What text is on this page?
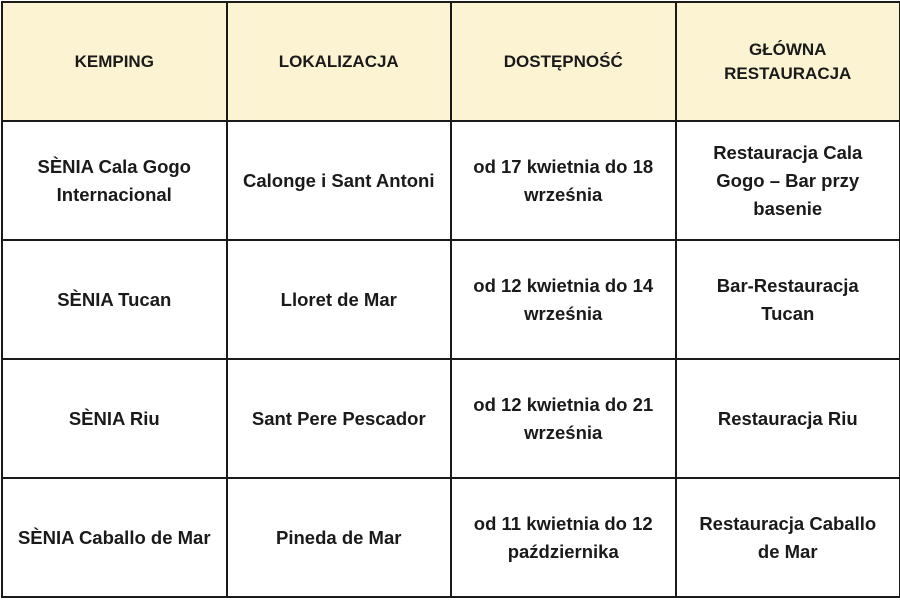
KEMPING	LOKALIZACJA	DOSTĘPNOŚĆ	GŁÓWNA RESTAURACJA
SÈNIA Cala Gogo Internacional	Calonge i Sant Antoni	od 17 kwietnia do 18 września	Restauracja Cala Gogo – Bar przy basenie
SÈNIA Tucan	Lloret de Mar	od 12 kwietnia do 14 września	Bar-Restauracja Tucan
SÈNIA Riu	Sant Pere Pescador	od 12 kwietnia do 21 września	Restauracja Riu
SÈNIA Caballo de Mar	Pineda de Mar	od 11 kwietnia do 12 października	Restauracja Caballo de Mar
